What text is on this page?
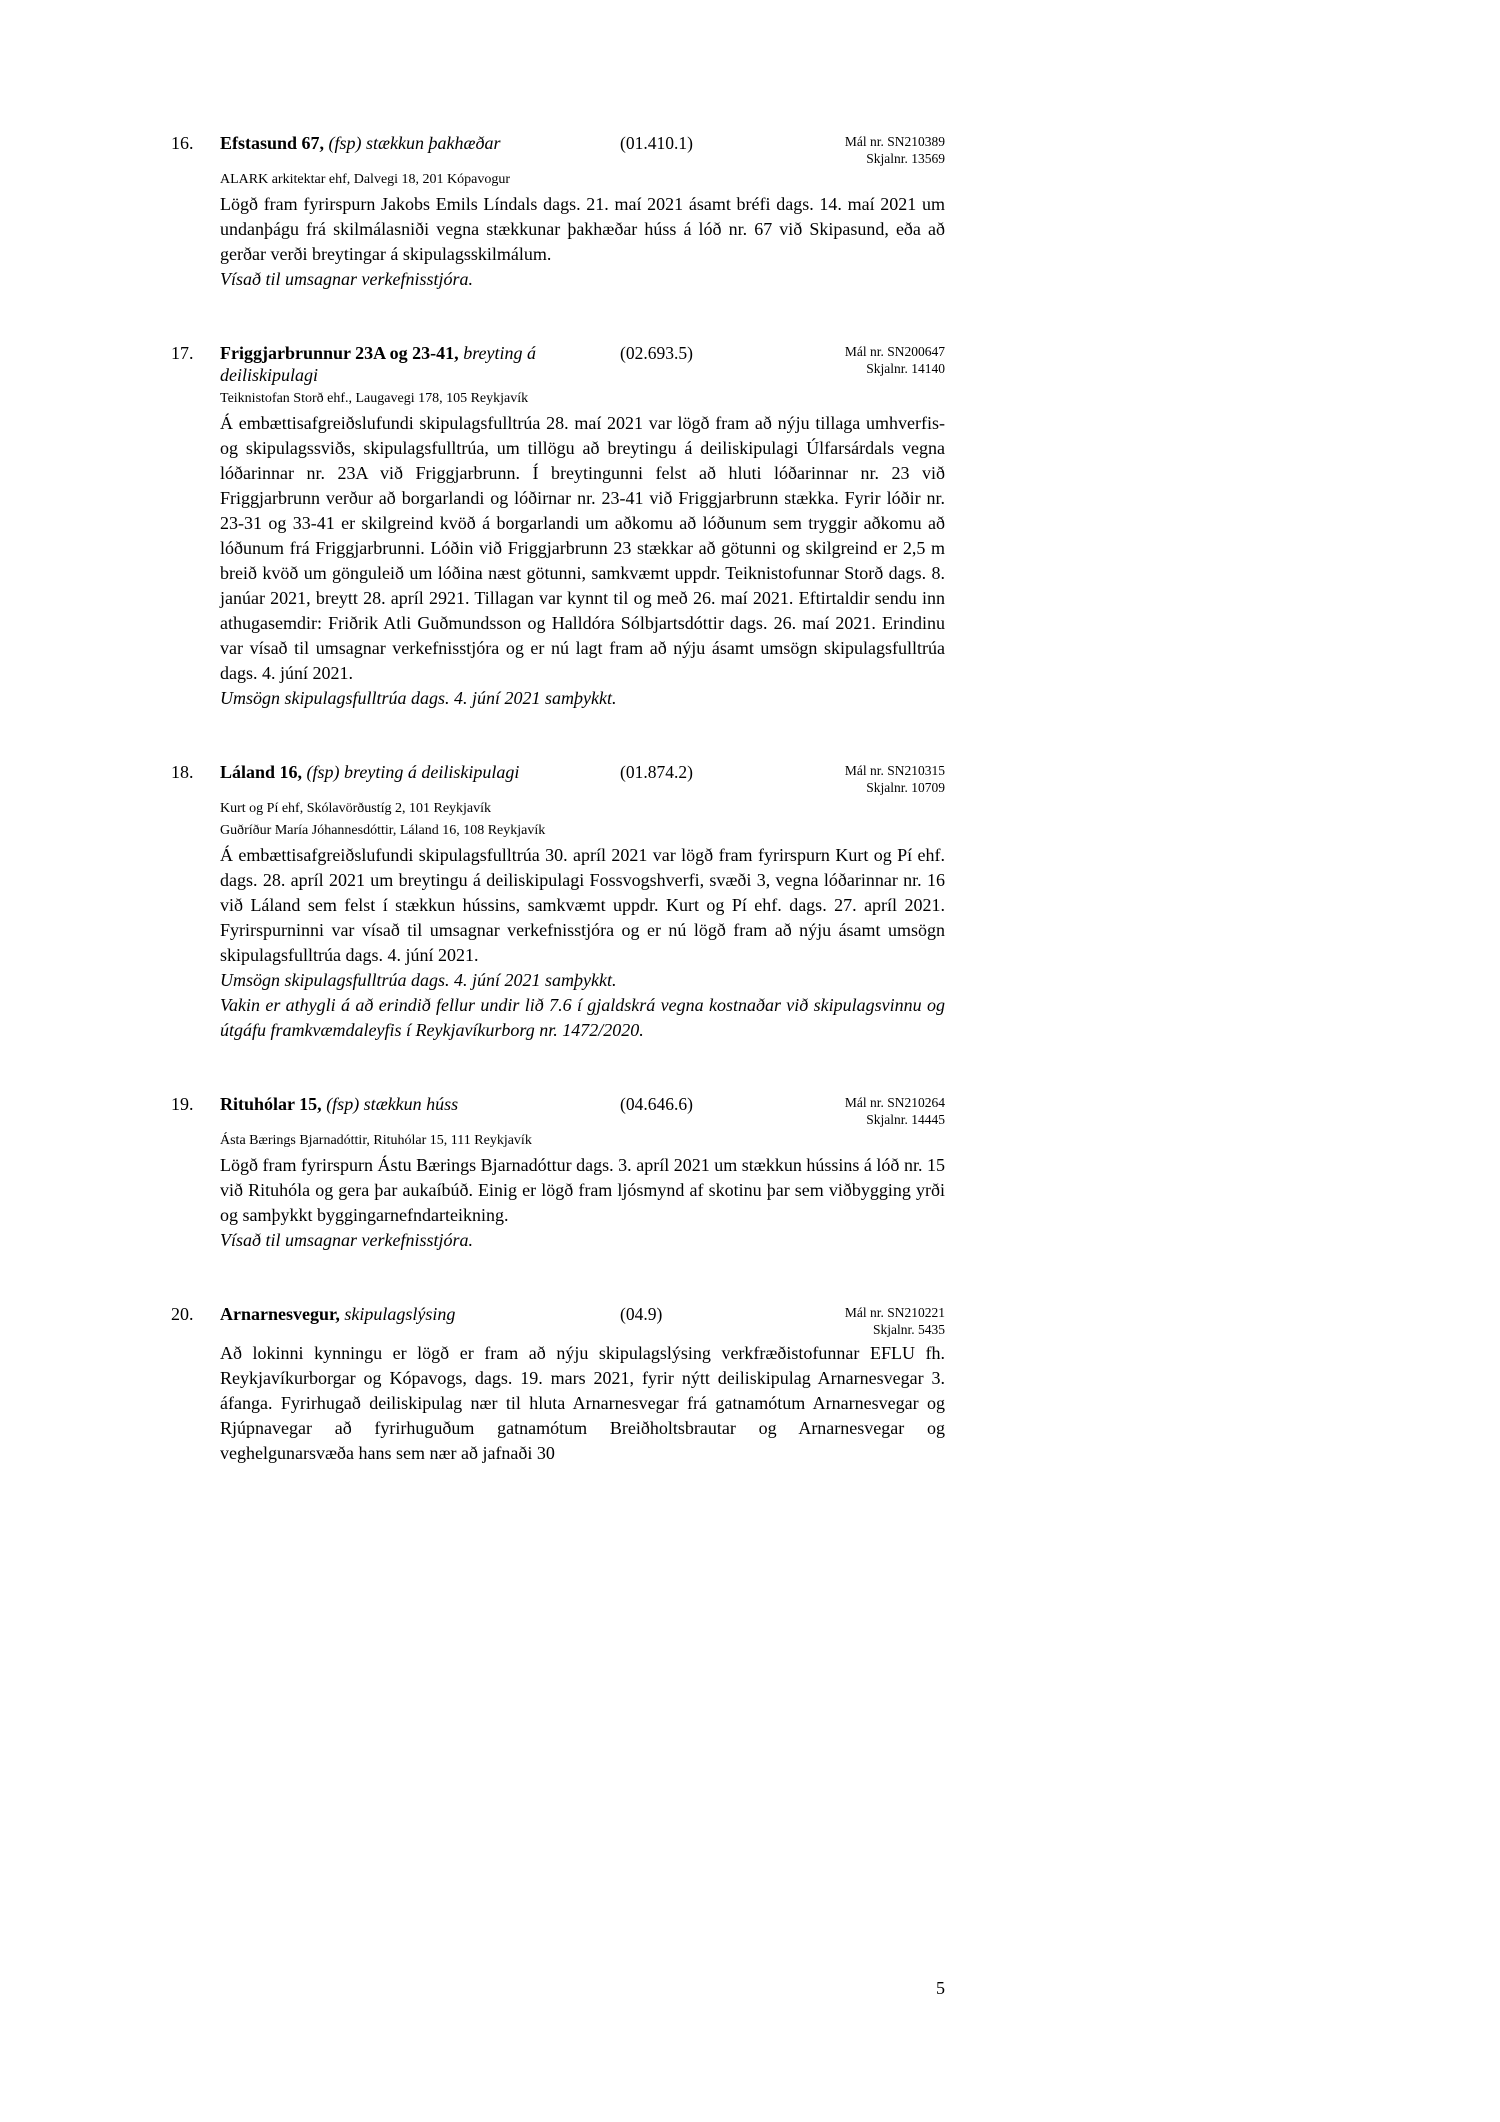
16.	Efstasund 67, (fsp) stækkun þakhæðar	(01.410.1)	Mál nr. SN210389
Skjalnr. 13569
ALARK arkitektar ehf, Dalvegi 18, 201 Kópavogur

Lögð fram fyrirspurn Jakobs Emils Líndals dags. 21. maí 2021 ásamt bréfi dags. 14. maí 2021 um undanþágu frá skilmálasniði vegna stækkunar þakhæðar húss á lóð nr. 67 við Skipasund, eða að gerðar verði breytingar á skipulagsskilmálum.

Vísað til umsagnar verkefnisstjóra.

17.	Friggjarbrunnur 23A og 23-41, breyting á deiliskipulagi
(02.693.5)	Mál nr. SN200647
Skjalnr. 14140
Teiknistofan Storð ehf., Laugavegi 178, 105 Reykjavík

Á embættisafgreiðslufundi skipulagsfulltrúa 28. maí 2021 var lögð fram að nýju tillaga umhverfis- og skipulagssviðs, skipulagsfulltrúa, um tillögu að breytingu á deiliskipulagi Úlfarsárdals vegna lóðarinnar nr. 23A við Friggjarbrunn. Í breytingunni felst að hluti lóðarinnar nr. 23 við Friggjarbrunn verður að borgarlandi og lóðirnar nr. 23-41 við Friggjarbrunn stækka. Fyrir lóðir nr. 23-31 og 33-41 er skilgreind kvöð á borgarlandi um aðkomu að lóðunum sem tryggir aðkomu að lóðunum frá Friggjarbrunni. Lóðin við Friggjarbrunn 23 stækkar að götunni og skilgreind er 2,5 m breið kvöð um gönguleið um lóðina næst götunni, samkvæmt uppdr. Teiknistofunnar Storð dags. 8. janúar 2021, breytt 28. apríl 2921. Tillagan var kynnt til og með 26. maí 2021. Eftirtaldir sendu inn athugasemdir: Friðrik Atli Guðmundsson og Halldóra Sólbjartsdóttir dags. 26. maí 2021. Erindinu var vísað til umsagnar verkefnisstjóra og er nú lagt fram að nýju ásamt umsögn skipulagsfulltrúa dags. 4. júní 2021.

Umsögn skipulagsfulltrúa dags. 4. júní 2021 samþykkt.

18.	Láland 16, (fsp) breyting á deiliskipulagi	(01.874.2)	Mál nr. SN210315
Skjalnr. 10709
Kurt og Pí ehf, Skólavörðustíg 2, 101 Reykjavík
Guðríður María Jóhannesdóttir, Láland 16, 108 Reykjavík

Á embættisafgreiðslufundi skipulagsfulltrúa 30. apríl 2021 var lögð fram fyrirspurn Kurt og Pí ehf. dags. 28. apríl 2021 um breytingu á deiliskipulagi Fossvogshverfi, svæði 3, vegna lóðarinnar nr. 16 við Láland sem felst í stækkun hússins, samkvæmt uppdr. Kurt og Pí ehf. dags. 27. apríl 2021. Fyrirspurninni var vísað til umsagnar verkefnisstjóra og er nú lögð fram að nýju ásamt umsögn skipulagsfulltrúa dags. 4. júní 2021.

Umsögn skipulagsfulltrúa dags. 4. júní 2021 samþykkt.

Vakin er athygli á að erindið fellur undir lið 7.6 í gjaldskrá vegna kostnaðar við skipulagsvinnu og útgáfu framkvæmdaleyfis í Reykjavíkurborg nr. 1472/2020.

19.	Rituhólar 15, (fsp) stækkun húss	(04.646.6)	Mál nr. SN210264
Skjalnr. 14445
Ásta Bærings Bjarnadóttir, Rituhólar 15, 111 Reykjavík

Lögð fram fyrirspurn Ástu Bærings Bjarnadóttur dags. 3. apríl 2021 um stækkun hússins á lóð nr. 15 við Rituhóla og gera þar aukaíbúð. Einig er lögð fram ljósmynd af skotinu þar sem viðbygging yrði og samþykkt byggingarnefndarteikning.

Vísað til umsagnar verkefnisstjóra.

20.	Arnarnesvegur, skipulagslýsing	(04.9)	Mál nr. SN210221
Skjalnr. 5435

Að lokinni kynningu er lögð er fram að nýju skipulagslýsing verkfræðistofunnar EFLU fh. Reykjavíkurborgar og Kópavogs, dags. 19. mars 2021, fyrir nýtt deiliskipulag Arnarnesvegar 3. áfanga. Fyrirhugað deiliskipulag nær til hluta Arnarnesvegar frá gatnamótum Arnarnesvegar og Rjúpnavegar að fyrirhuguðum gatnamótum Breiðholtsbrautar og Arnarnesvegar og veghelgunarsvæða hans sem nær að jafnaði 30

5
